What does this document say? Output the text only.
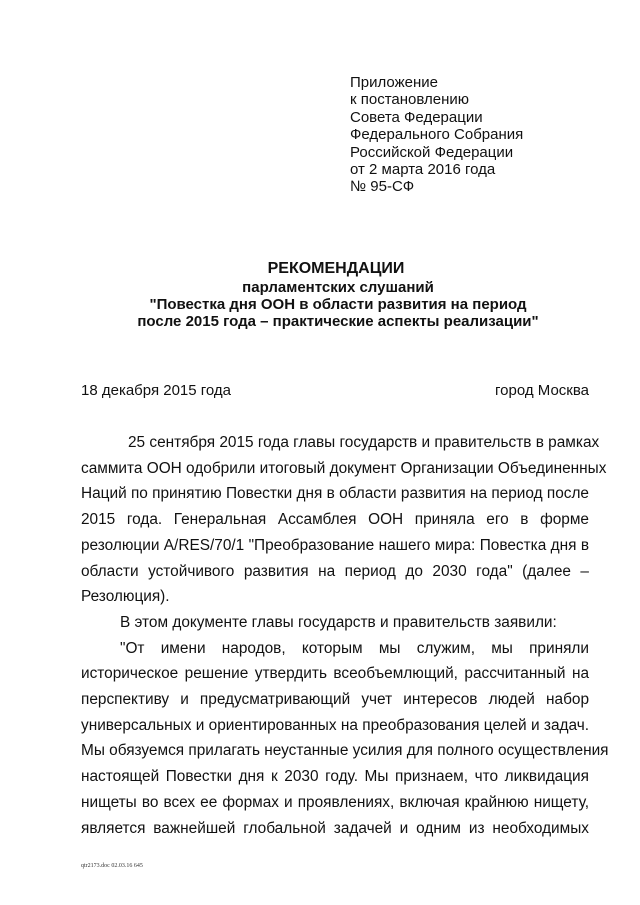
Приложение
к постановлению
Совета Федерации
Федерального Собрания
Российской Федерации
от 2 марта 2016 года
№ 95-СФ
РЕКОМЕНДАЦИИ
парламентских слушаний
"Повестка дня ООН в области развития на период
после 2015 года – практические аспекты реализации"
18 декабря 2015 года	город Москва
25 сентября 2015 года главы государств и правительств в рамках
саммита ООН одобрили итоговый документ Организации Объединенных
Наций по принятию Повестки дня в области развития на период после
2015 года. Генеральная Ассамблея ООН приняла его в форме
резолюции A/RES/70/1 "Преобразование нашего мира: Повестка дня в
области устойчивого развития на период до 2030 года" (далее –
Резолюция).
В этом документе главы государств и правительств заявили:
"От имени народов, которым мы служим, мы приняли
историческое решение утвердить всеобъемлющий, рассчитанный на
перспективу и предусматривающий учет интересов людей набор
универсальных и ориентированных на преобразования целей и задач.
Мы обязуемся прилагать неустанные усилия для полного осуществления
настоящей Повестки дня к 2030 году. Мы признаем, что ликвидация
нищеты во всех ее формах и проявлениях, включая крайнюю нищету,
является важнейшей глобальной задачей и одним из необходимых
qtr2173.doc 02.03.16 645
